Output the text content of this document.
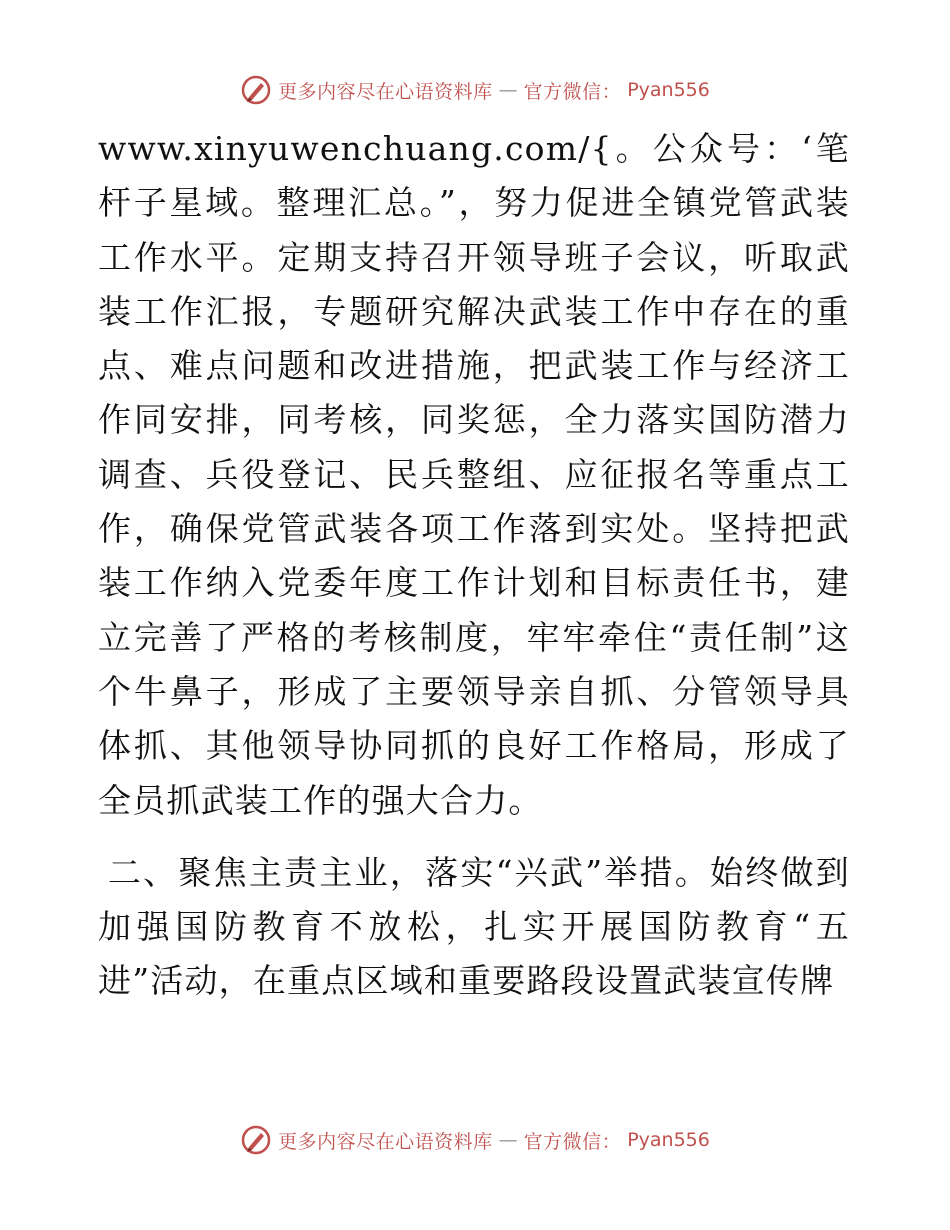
更多内容尽在心语资料库 — 官方微信： Pyan556

www.xinyuwenchuang.com/{。公众号：‘笔杆子星域。整理汇总。”，努力促进全镇党管武装工作水平。定期支持召开领导班子会议，听取武装工作汇报，专题研究解决武装工作中存在的重点、难点问题和改进措施，把武装工作与经济工作同安排，同考核，同奖惩，全力落实国防潜力调查、兵役登记、民兵整组、应征报名等重点工作，确保党管武装各项工作落到实处。坚持把武装工作纳入党委年度工作计划和目标责任书，建立完善了严格的考核制度，牢牢牵住“责任制”这个牛鼻子，形成了主要领导亲自抓、分管领导具体抓、其他领导协同抓的良好工作格局，形成了全员抓武装工作的强大合力。

二、聚焦主责主业，落实“兴武”举措。始终做到加强国防教育不放松，扎实开展国防教育“五进”活动，在重点区域和重要路段设置武装宣传牌

更多内容尽在心语资料库 — 官方微信： Pyan556
